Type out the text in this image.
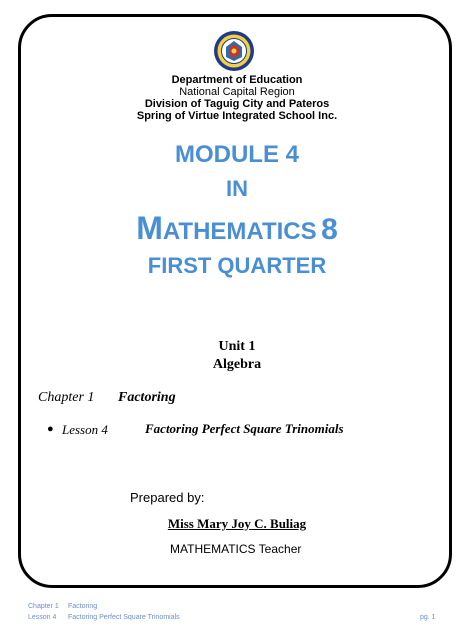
Department of Education
National Capital Region
Division of Taguig City and Pateros
Spring of Virtue Integrated School Inc.
MODULE 4
IN
MATHEMATICS 8
FIRST QUARTER
Unit 1
Algebra
Chapter 1 Factoring
● Lesson 4	Factoring Perfect Square Trinomials
Prepared by:
Miss Mary Joy C. Buliag
MATHEMATICS Teacher
Chapter 1 Factoring
Lesson 4 Factoring Perfect Square Trinomials	pg. 1
